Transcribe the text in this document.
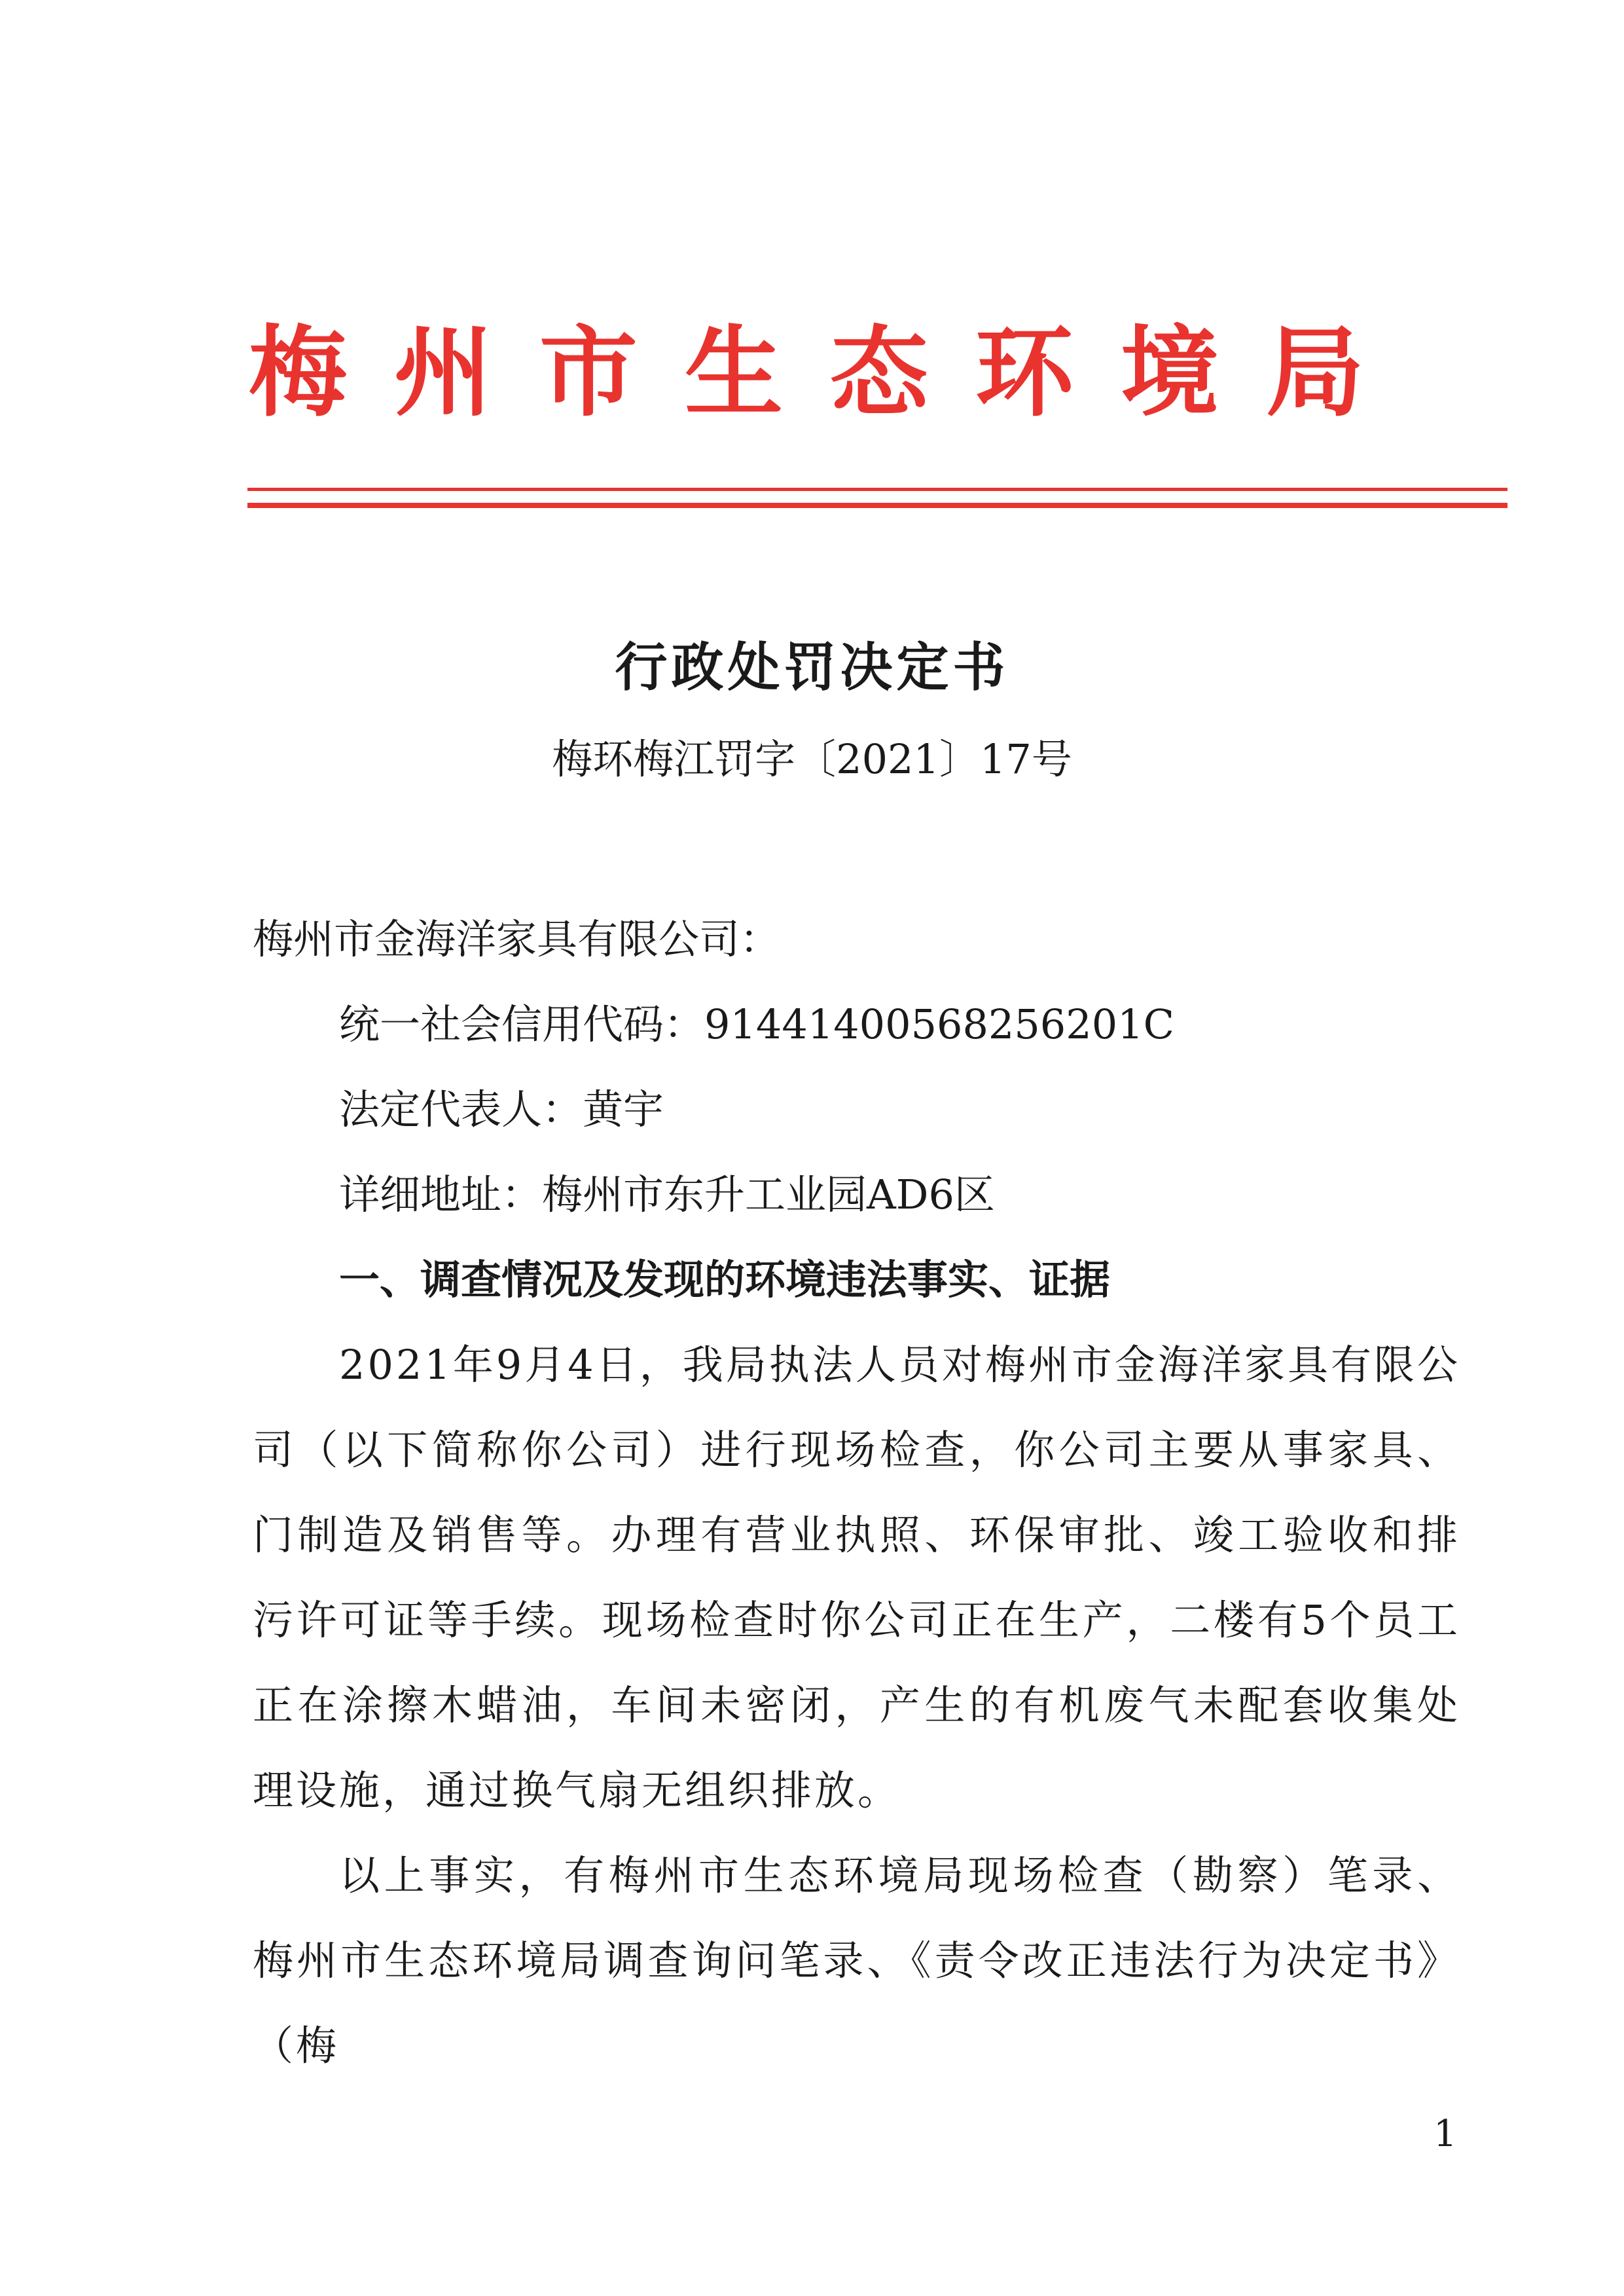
梅州市生态环境局
行政处罚决定书
梅环梅江罚字〔2021〕17号

梅州市金海洋家具有限公司：

统一社会信用代码：91441400568256201C

法定代表人：黄宇

详细地址：梅州市东升工业园AD6区

一、调查情况及发现的环境违法事实、证据

2021年9月4日，我局执法人员对梅州市金海洋家具有限公司（以下简称你公司）进行现场检查，你公司主要从事家具、门制造及销售等。办理有营业执照、环保审批、竣工验收和排污许可证等手续。现场检查时你公司正在生产，二楼有5个员工正在涂擦木蜡油，车间未密闭，产生的有机废气未配套收集处理设施，通过换气扇无组织排放。

以上事实，有梅州市生态环境局现场检查（勘察）笔录、梅州市生态环境局调查询问笔录、《责令改正违法行为决定书》（梅

1
